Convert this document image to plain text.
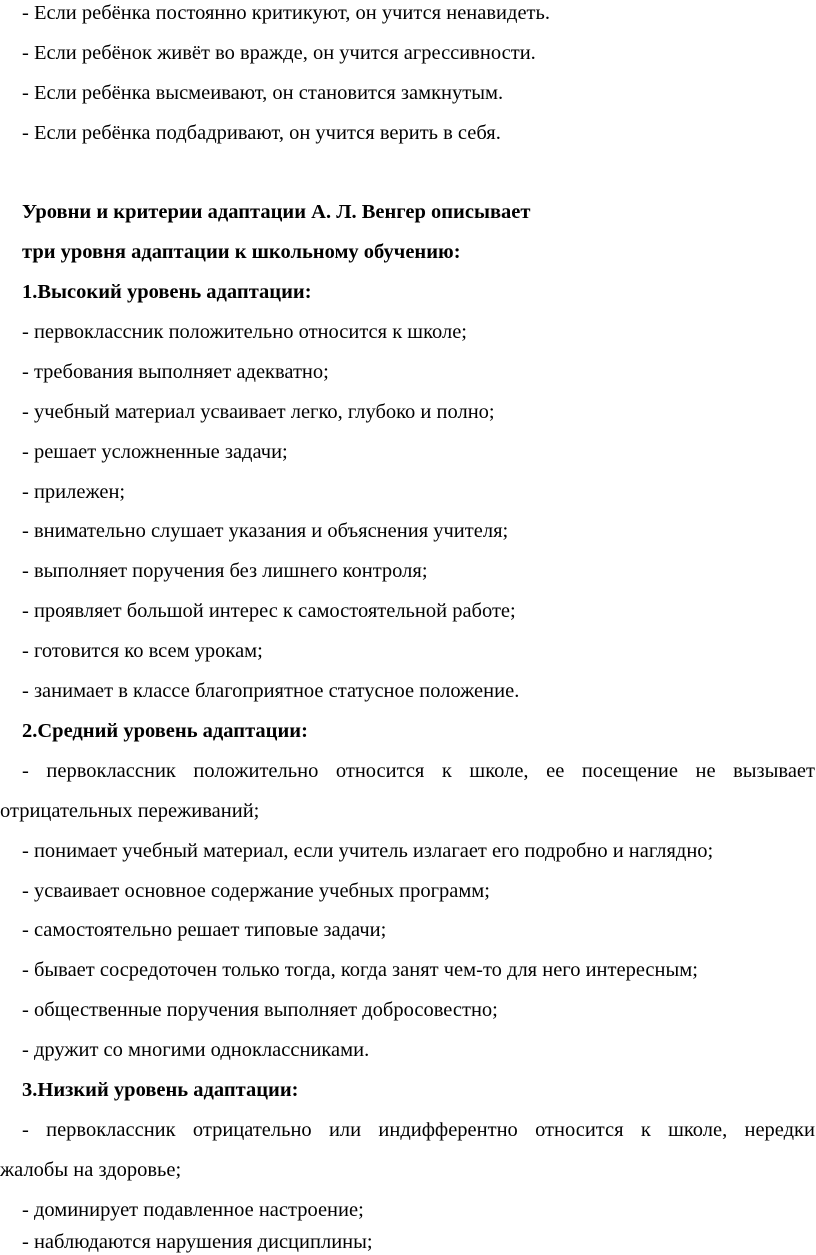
- Если ребёнка постоянно критикуют, он учится ненавидеть.
- Если ребёнок живёт во вражде, он учится агрессивности.
- Если ребёнка высмеивают, он становится замкнутым.
- Если ребёнка подбадривают, он учится верить в себя.
Уровни и критерии адаптации А. Л. Венгер описывает
три уровня адаптации к школьному обучению:
1.Высокий уровень адаптации:
- первоклассник положительно относится к школе;
- требования выполняет адекватно;
- учебный материал усваивает легко, глубоко и полно;
- решает усложненные задачи;
- прилежен;
- внимательно слушает указания и объяснения учителя;
- выполняет поручения без лишнего контроля;
- проявляет большой интерес к самостоятельной работе;
- готовится ко всем урокам;
- занимает в классе благоприятное статусное положение.
2.Средний уровень адаптации:
- первоклассник положительно относится к школе, ее посещение не вызывает
отрицательных переживаний;
- понимает учебный материал, если учитель излагает его подробно и наглядно;
- усваивает основное содержание учебных программ;
- самостоятельно решает типовые задачи;
- бывает сосредоточен только тогда, когда занят чем-то для него интересным;
- общественные поручения выполняет добросовестно;
- дружит со многими одноклассниками.
3.Низкий уровень адаптации:
- первоклассник отрицательно или индифферентно относится к школе, нередки
жалобы на здоровье;
- доминирует подавленное настроение;
- наблюдаются нарушения дисциплины;
